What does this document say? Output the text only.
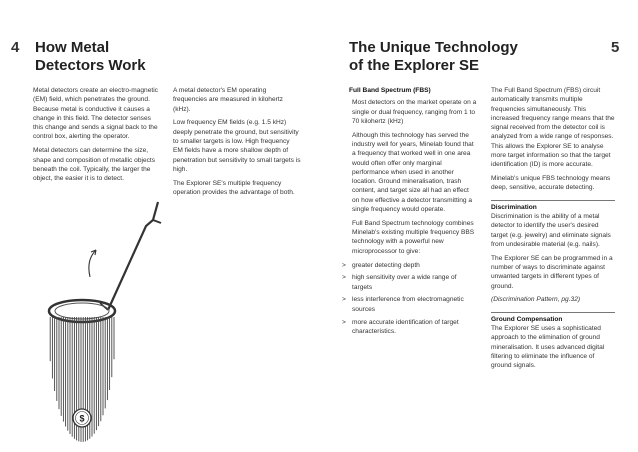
4 How Metal
Detectors Work

Metal detectors create an electro-magnetic (EM) field, which penetrates the ground. Because metal is conductive it causes a change in this field. The detector senses this change and sends a signal back to the control box, alerting the operator.

Metal detectors can determine the size, shape and composition of metallic objects beneath the coil. Typically, the larger the object, the easier it is to detect.

A metal detector's EM operating frequencies are measured in kilohertz (kHz).

Low frequency EM fields (e.g. 1.5 kHz) deeply penetrate the ground, but sensitivity to smaller targets is low. High frequency EM fields have a more shallow depth of penetration but sensitivity to small targets is high.

The Explorer SE's multiple frequency operation provides the advantage of both.

$
The Unique Technology
of the Explorer SE
5
Full Band Spectrum (FBS)

Most detectors on the market operate on a single or dual frequency, ranging from 1 to 70 kilohertz (kHz)

Although this technology has served the industry well for years, Minelab found that a frequency that worked well in one area would often offer only marginal performance when used in another location. Ground mineralisation, trash content, and target size all had an effect on how effective a detector transmitting a single frequency would operate.

Full Band Spectrum technology combines Minelab's existing multiple frequency BBS technology with a powerful new microprocessor to give:

> greater detecting depth
> high sensitivity over a wide range of targets
> less interference from electromagnetic sources
> more accurate identification of target characteristics.

The Full Band Spectrum (FBS) circuit automatically transmits multiple frequencies simultaneously. This increased frequency range means that the signal received from the detector coil is analyzed from a wide range of responses. This allows the Explorer SE to analyse more target information so that the target identification (ID) is more accurate.

Minelab's unique FBS technology means deep, sensitive, accurate detecting.

Discrimination

Discrimination is the ability of a metal detector to identify the user's desired target (e.g. jewelry) and eliminate signals from undesirable material (e.g. nails).

The Explorer SE can be programmed in a number of ways to discriminate against unwanted targets in different types of ground.

(Discrimination Pattern, pg.32)

Ground Compensation

The Explorer SE uses a sophisticated approach to the elimination of ground mineralisation. It uses advanced digital filtering to eliminate the influence of ground signals.
